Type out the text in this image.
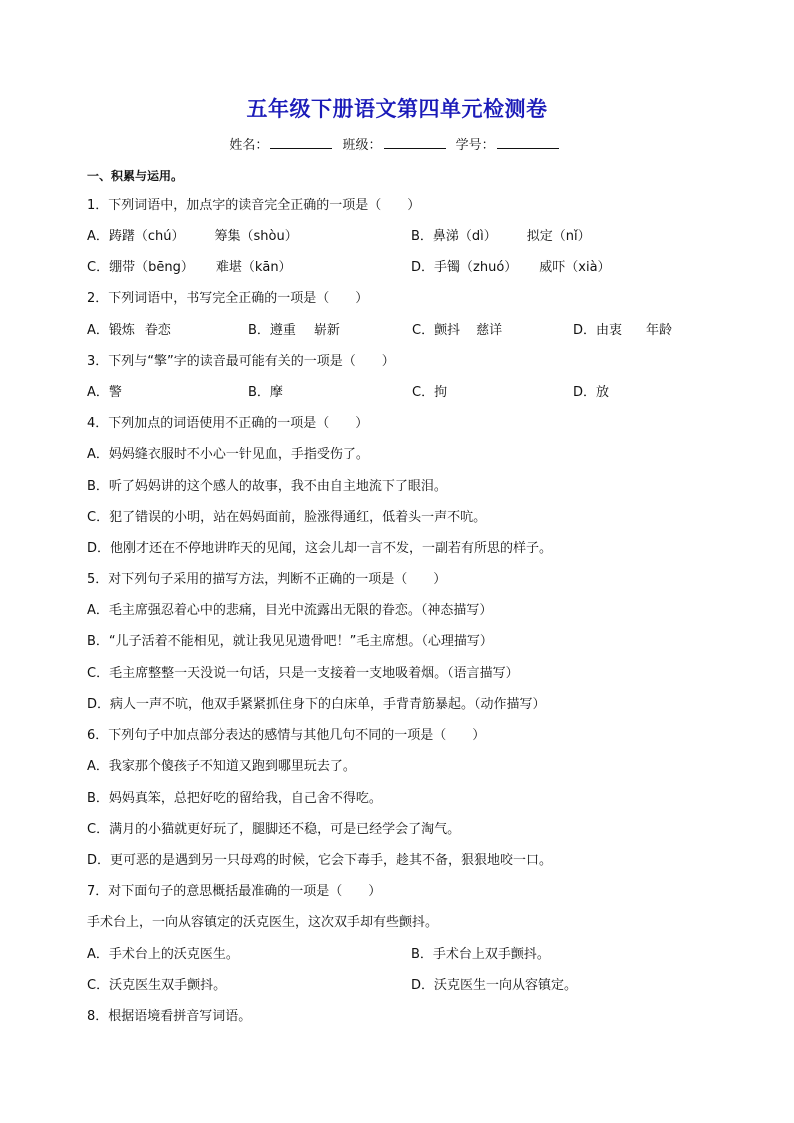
五年级下册语文第四单元检测卷
姓名：	班级：	学号：
一、积累与运用。
1．下列词语中，加点字的读音完全正确的一项是（　　）
A．踌躇（chú） 筹集（shòu）	B．鼻涕（dì） 拟定（nǐ）
C．绷带（bēng） 难堪（kān）	D．手镯（zhuó） 威吓（xià）
2．下列词语中，书写完全正确的一项是（　　）
A．锻炼 眷恋	B．遵重 崭新	C．颤抖 慈详	D．由衷 年龄
3．下列与“擎”字的读音最可能有关的一项是（　　）
A．警	B．摩	C．拘	D．放
4．下列加点的词语使用不正确的一项是（　　）
A．妈妈缝衣服时不小心一针见血，手指受伤了。
B．听了妈妈讲的这个感人的故事，我不由自主地流下了眼泪。
C．犯了错误的小明，站在妈妈面前，脸涨得通红，低着头一声不吭。
D．他刚才还在不停地讲昨天的见闻，这会儿却一言不发，一副若有所思的样子。
5．对下列句子采用的描写方法，判断不正确的一项是（　　）
A．毛主席强忍着心中的悲痛，目光中流露出无限的眷恋。（神态描写）
B．“儿子活着不能相见，就让我见见遗骨吧！”毛主席想。（心理描写）
C．毛主席整整一天没说一句话，只是一支接着一支地吸着烟。（语言描写）
D．病人一声不吭，他双手紧紧抓住身下的白床单，手背青筋暴起。（动作描写）
6．下列句子中加点部分表达的感情与其他几句不同的一项是（　　）
A．我家那个傻孩子不知道又跑到哪里玩去了。
B．妈妈真笨，总把好吃的留给我，自己舍不得吃。
C．满月的小猫就更好玩了，腿脚还不稳，可是已经学会了淘气。
D．更可恶的是遇到另一只母鸡的时候，它会下毒手，趁其不备，狠狠地咬一口。
7．对下面句子的意思概括最准确的一项是（　　）
手术台上，一向从容镇定的沃克医生，这次双手却有些颤抖。
A．手术台上的沃克医生。	B．手术台上双手颤抖。
C．沃克医生双手颤抖。	D．沃克医生一向从容镇定。
8．根据语境看拼音写词语。
